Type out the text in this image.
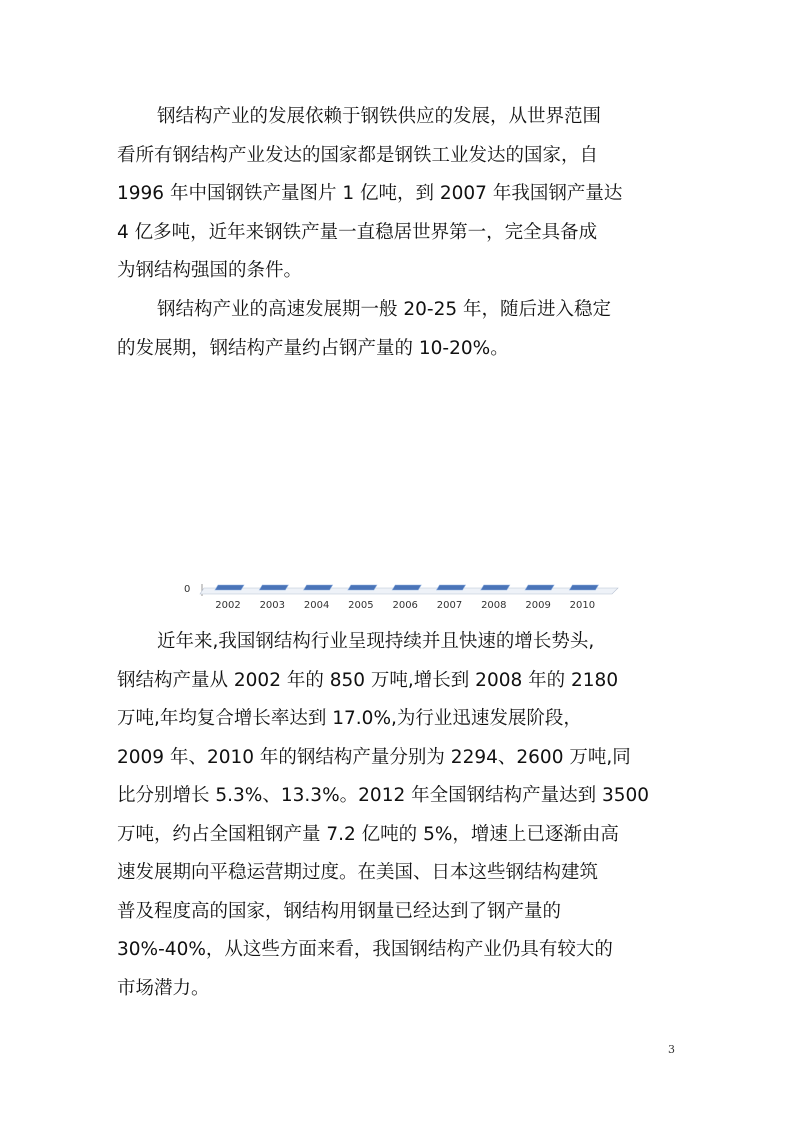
钢结构产业的发展依赖于钢铁供应的发展，从世界范围
看所有钢结构产业发达的国家都是钢铁工业发达的国家，自
1996 年中国钢铁产量图片 1 亿吨，到 2007 年我国钢产量达
4 亿多吨，近年来钢铁产量一直稳居世界第一，完全具备成
为钢结构强国的条件。
钢结构产业的高速发展期一般 20-25 年，随后进入稳定
的发展期，钢结构产量约占钢产量的 10-20%。
0
2002 2003 2004 2005 2006 2007 2008 2009 2010
近年来,我国钢结构行业呈现持续并且快速的增长势头,
钢结构产量从 2002 年的 850 万吨,增长到 2008 年的 2180
万吨,年均复合增长率达到 17.0%,为行业迅速发展阶段，
2009 年、2010 年的钢结构产量分别为 2294、2600 万吨,同
比分别增长 5.3%、13.3%。2012 年全国钢结构产量达到 3500
万吨，约占全国粗钢产量 7.2 亿吨的 5%，增速上已逐渐由高
速发展期向平稳运营期过度。在美国、日本这些钢结构建筑
普及程度高的国家，钢结构用钢量已经达到了钢产量的
30%-40%，从这些方面来看，我国钢结构产业仍具有较大的
市场潜力。
3
